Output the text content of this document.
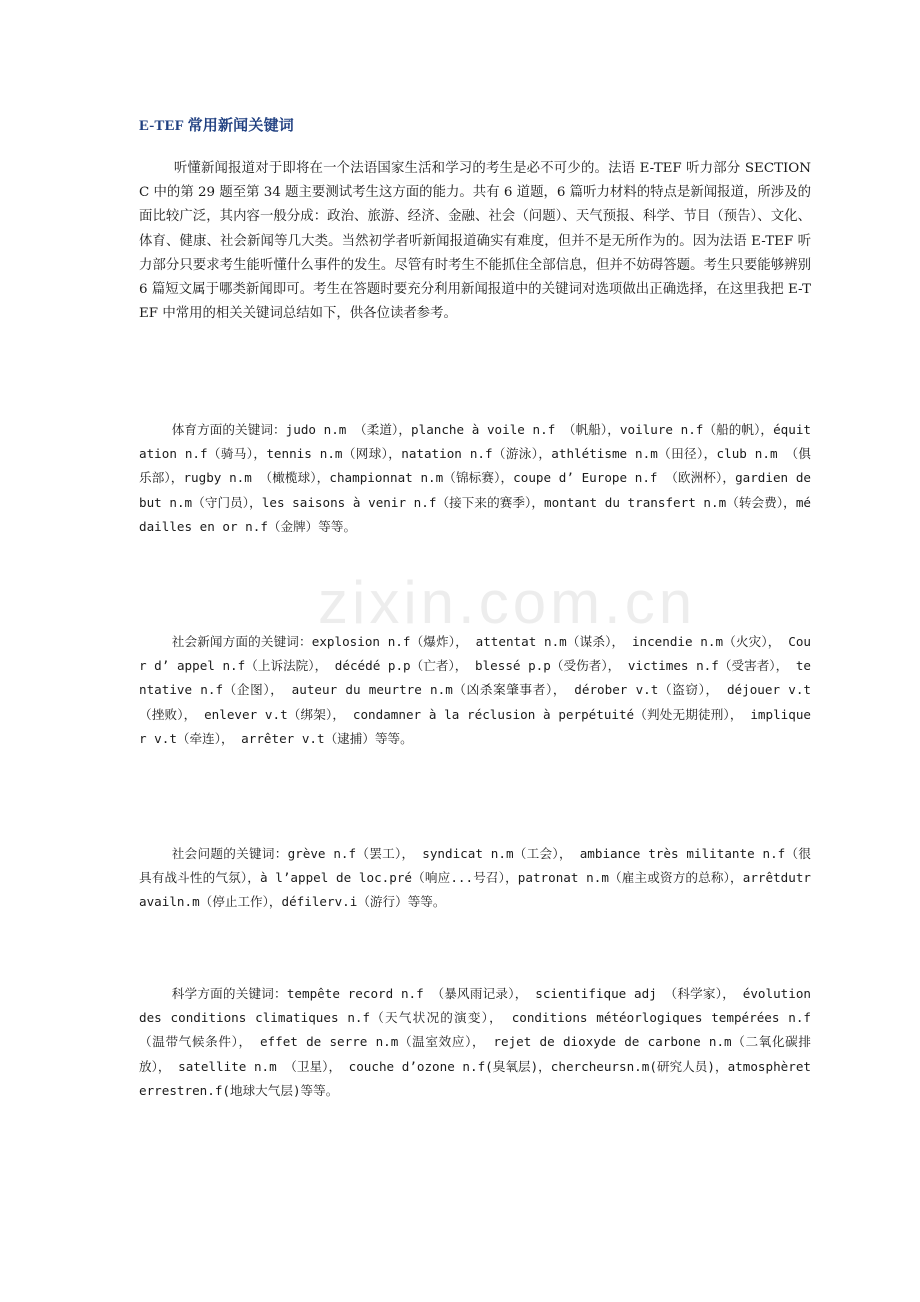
E-TEF 常用新闻关键词
听懂新闻报道对于即将在一个法语国家生活和学习的考生是必不可少的。法语 E-TEF 听力部分 SECTIONC 中的第 29 题至第 34 题主要测试考生这方面的能力。共有 6 道题，6 篇听力材料的特点是新闻报道，所涉及的面比较广泛，其内容一般分成：政治、旅游、经济、金融、社会（问题）、天气预报、科学、节目（预告）、文化、体育、健康、社会新闻等几大类。当然初学者听新闻报道确实有难度，但并不是无所作为的。因为法语 E-TEF 听力部分只要求考生能听懂什么事件的发生。尽管有时考生不能抓住全部信息，但并不妨碍答题。考生只要能够辨别 6 篇短文属于哪类新闻即可。考生在答题时要充分利用新闻报道中的关键词对选项做出正确选择，在这里我把 E-TEF 中常用的相关关键词总结如下，供各位读者参考。
体育方面的关键词：judo n.m （柔道），planche à voile n.f （帆船），voilure n.f（船的帆），équitation n.f（骑马），tennis n.m（网球），natation n.f（游泳），athlétisme n.m（田径），club n.m （俱乐部），rugby n.m （橄榄球），championnat n.m（锦标赛），coupe d’ Europe n.f （欧洲杯），gardien de but n.m（守门员），les saisons à venir n.f（接下来的赛季），montant du transfert n.m（转会费），médailles en or n.f（金牌）等等。
zixin.com.cn
社会新闻方面的关键词：explosion n.f（爆炸）， attentat n.m（谋杀）， incendie n.m（火灾）， Cour d’ appel n.f（上诉法院）， décédé p.p（亡者）， blessé p.p（受伤者）， victimes n.f（受害者）， tentative n.f（企图）， auteur du meurtre n.m（凶杀案肇事者）， dérober v.t（盗窃）， déjouer v.t（挫败）， enlever v.t（绑架）， condamner à la réclusion à perpétuité（判处无期徒刑）， impliquer v.t（牵连）， arrêter v.t（逮捕）等等。
社会问题的关键词：grève n.f（罢工）， syndicat n.m（工会）， ambiance très militante n.f（很具有战斗性的气氛），à l’appel de loc.pré（响应...号召），patronat n.m（雇主或资方的总称），arrêtdutravailn.m（停止工作），défilerv.i（游行）等等。
科学方面的关键词：tempête record n.f （暴风雨记录）， scientifique adj （科学家）， évolution des conditions climatiques n.f（天气状况的演变）， conditions météorlogiques tempérées n.f （温带气候条件）， effet de serre n.m（温室效应）， rejet de dioxyde de carbone n.m（二氧化碳排放）， satellite n.m （卫星）， couche d’ozone n.f(臭氧层)，chercheursn.m(研究人员)，atmosphèreterrestren.f(地球大气层)等等。
